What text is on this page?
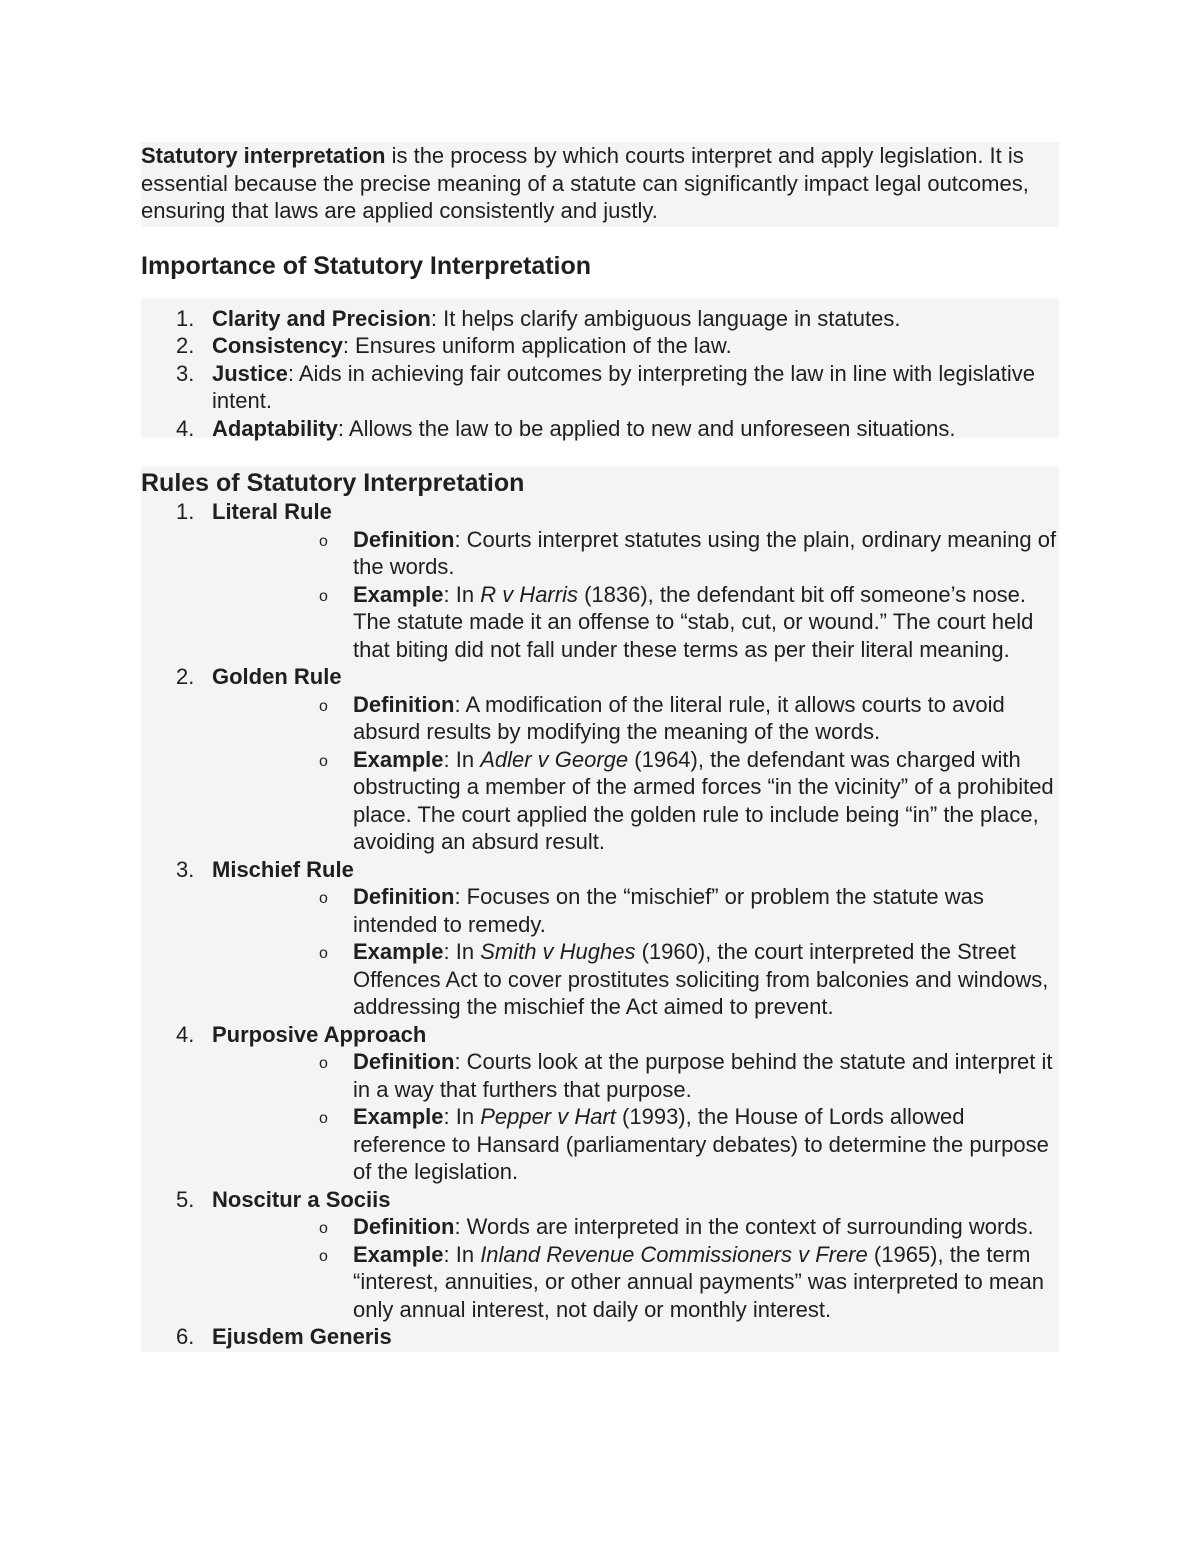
Statutory interpretation is the process by which courts interpret and apply legislation. It is essential because the precise meaning of a statute can significantly impact legal outcomes, ensuring that laws are applied consistently and justly.

Importance of Statutory Interpretation
1. Clarity and Precision: It helps clarify ambiguous language in statutes.
2. Consistency: Ensures uniform application of the law.
3. Justice: Aids in achieving fair outcomes by interpreting the law in line with legislative intent.
4. Adaptability: Allows the law to be applied to new and unforeseen situations.
Rules of Statutory Interpretation
1. Literal Rule
o Definition: Courts interpret statutes using the plain, ordinary meaning of the words.
o Example: In R v Harris (1836), the defendant bit off someone’s nose. The statute made it an offense to “stab, cut, or wound.” The court held that biting did not fall under these terms as per their literal meaning.
2. Golden Rule
o Definition: A modification of the literal rule, it allows courts to avoid absurd results by modifying the meaning of the words.
o Example: In Adler v George (1964), the defendant was charged with obstructing a member of the armed forces “in the vicinity” of a prohibited place. The court applied the golden rule to include being “in” the place, avoiding an absurd result.
3. Mischief Rule
o Definition: Focuses on the “mischief” or problem the statute was intended to remedy.
o Example: In Smith v Hughes (1960), the court interpreted the Street Offences Act to cover prostitutes soliciting from balconies and windows, addressing the mischief the Act aimed to prevent.
4. Purposive Approach
o Definition: Courts look at the purpose behind the statute and interpret it in a way that furthers that purpose.
o Example: In Pepper v Hart (1993), the House of Lords allowed reference to Hansard (parliamentary debates) to determine the purpose of the legislation.
5. Noscitur a Sociis
o Definition: Words are interpreted in the context of surrounding words.
o Example: In Inland Revenue Commissioners v Frere (1965), the term “interest, annuities, or other annual payments” was interpreted to mean only annual interest, not daily or monthly interest.
6. Ejusdem Generis
